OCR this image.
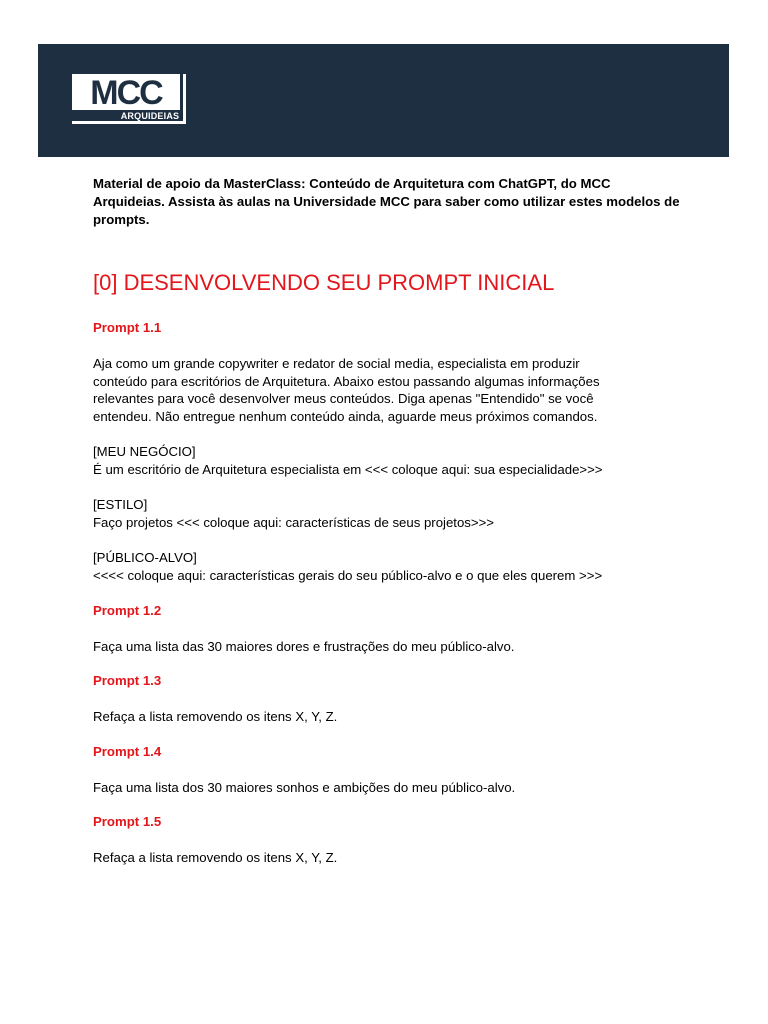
MCC
ARQUIDEIAS

Material de apoio da MasterClass: Conteúdo de Arquitetura com ChatGPT, do MCC Arquideias. Assista às aulas na Universidade MCC para saber como utilizar estes modelos de prompts.

[0] DESENVOLVENDO SEU PROMPT INICIAL

Prompt 1.1

Aja como um grande copywriter e redator de social media, especialista em produzir
conteúdo para escritórios de Arquitetura. Abaixo estou passando algumas informações
relevantes para você desenvolver meus conteúdos. Diga apenas "Entendido" se você
entendeu. Não entregue nenhum conteúdo ainda, aguarde meus próximos comandos.
[MEU NEGÓCIO]
É um escritório de Arquitetura especialista em <<< coloque aqui: sua especialidade>>>
[ESTILO]
Faço projetos <<< coloque aqui: características de seus projetos>>>
[PÚBLICO-ALVO]
<<<< coloque aqui: características gerais do seu público-alvo e o que eles querem >>>

Prompt 1.2

Faça uma lista das 30 maiores dores e frustrações do meu público-alvo.

Prompt 1.3

Refaça a lista removendo os itens X, Y, Z.

Prompt 1.4

Faça uma lista dos 30 maiores sonhos e ambições do meu público-alvo.

Prompt 1.5

Refaça a lista removendo os itens X, Y, Z.
